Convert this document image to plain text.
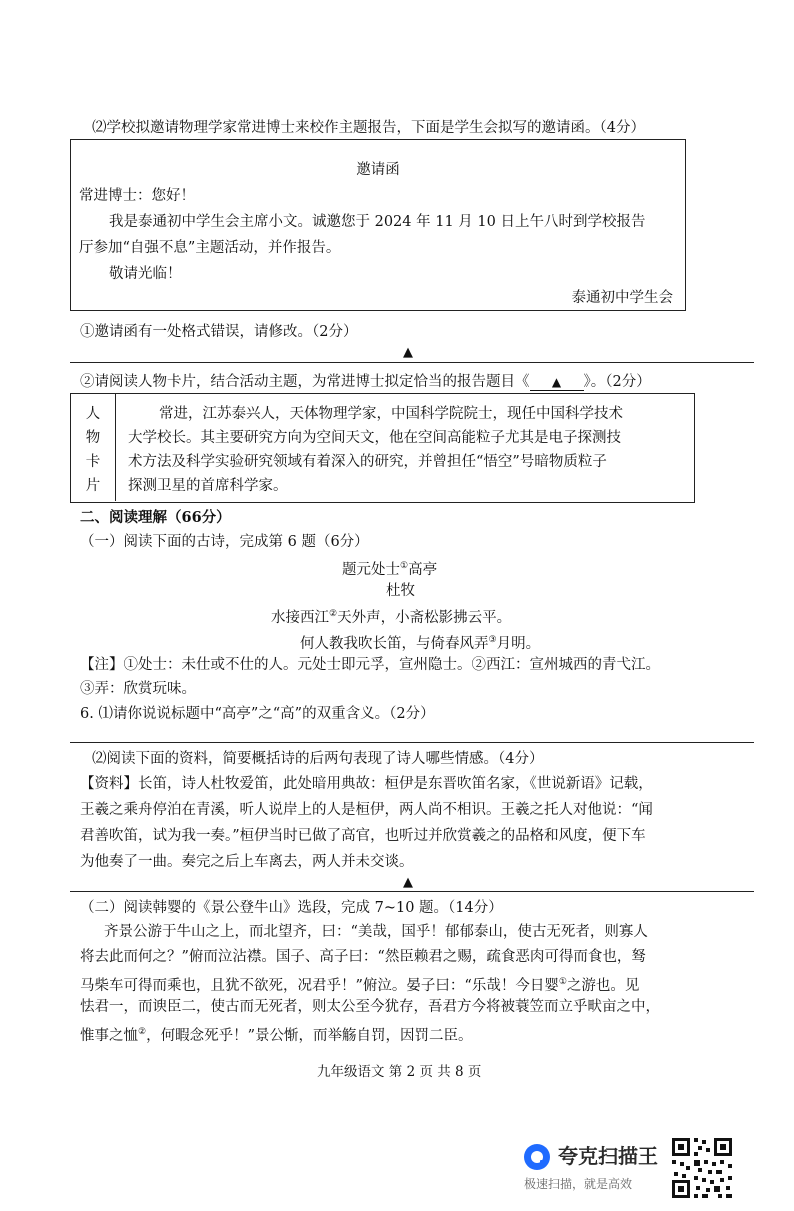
⑵学校拟邀请物理学家常进博士来校作主题报告，下面是学生会拟写的邀请函。（4分）
邀请函
常进博士：您好！
我是泰通初中学生会主席小文。诚邀您于 2024 年 11 月 10 日上午八时到学校报告
厅参加“自强不息”主题活动，并作报告。
敬请光临！
泰通初中学生会
①邀请函有一处格式错误，请修改。（2分）
▲
②请阅读人物卡片，结合活动主题，为常进博士拟定恰当的报告题目《 ▲ 》。（2分）
人
物
卡
片
常进，江苏泰兴人，天体物理学家，中国科学院院士，现任中国科学技术
大学校长。其主要研究方向为空间天文，他在空间高能粒子尤其是电子探测技
术方法及科学实验研究领域有着深入的研究，并曾担任“悟空”号暗物质粒子
探测卫星的首席科学家。
二、阅读理解（66分）
（一）阅读下面的古诗，完成第 6 题（6分）
题元处士①高亭
杜牧
水接西江②天外声，小斋松影拂云平。
何人教我吹长笛，与倚春风弄③月明。
【注】①处士：未仕或不仕的人。元处士即元孚，宣州隐士。②西江：宣州城西的青弋江。
③弄：欣赏玩味。
6. ⑴请你说说标题中“高亭”之“高”的双重含义。（2分）
⑵阅读下面的资料，简要概括诗的后两句表现了诗人哪些情感。（4分）
【资料】长笛，诗人杜牧爱笛，此处暗用典故：桓伊是东晋吹笛名家，《世说新语》记载，
王羲之乘舟停泊在青溪，听人说岸上的人是桓伊，两人尚不相识。王羲之托人对他说：“闻
君善吹笛，试为我一奏。”桓伊当时已做了高官，也听过并欣赏羲之的品格和风度，便下车
为他奏了一曲。奏完之后上车离去，两人并未交谈。
▲
（二）阅读韩婴的《景公登牛山》选段，完成 7~10 题。（14分）
齐景公游于牛山之上，而北望齐，曰：“美哉，国乎！郁郁泰山，使古无死者，则寡人
将去此而何之？”俯而泣沾襟。国子、高子曰：“然臣赖君之赐，疏食恶肉可得而食也，驽
马柴车可得而乘也，且犹不欲死，况君乎！”俯泣。晏子曰：“乐哉！今日婴①之游也。见
怯君一，而谀臣二，使古而无死者，则太公至今犹存，吾君方今将被蓑笠而立乎畎亩之中，
惟事之恤②，何暇念死乎！”景公惭，而举觞自罚，因罚二臣。
九年级语文 第 2 页 共 8 页
夸克扫描王
极速扫描，就是高效
